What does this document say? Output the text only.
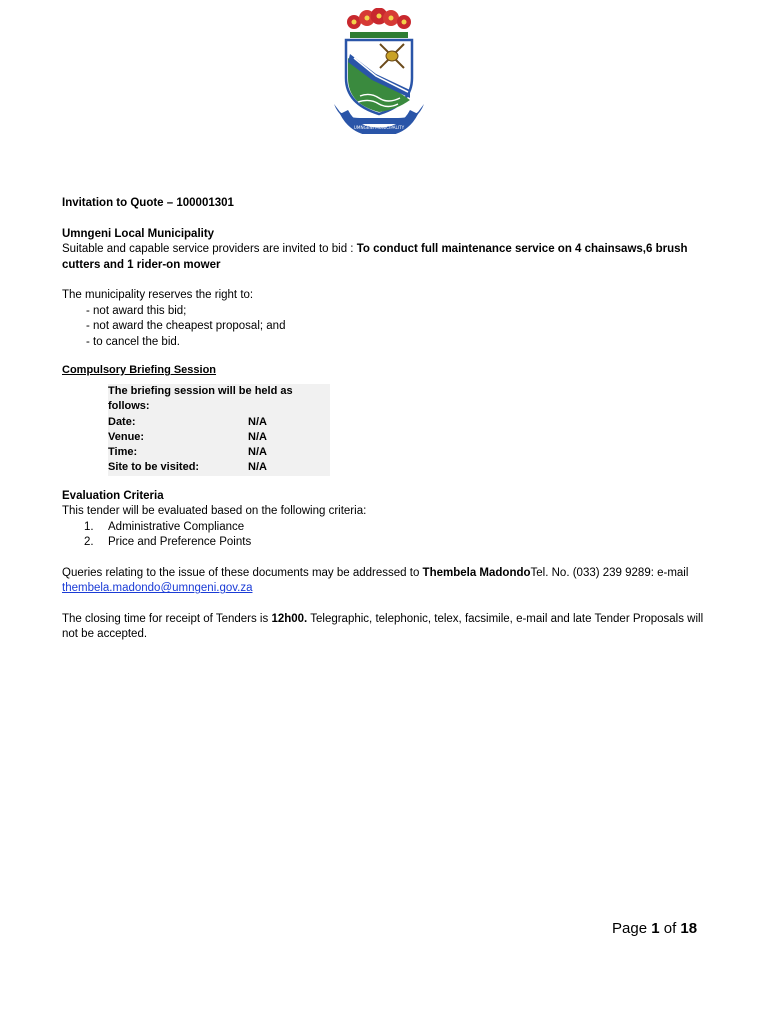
UMNGENI MUNICIPALITY
Invitation to Quote – 100001301
Umngeni Local Municipality
Suitable and capable service providers are invited to bid : To conduct full maintenance service on 4 chainsaws,6 brush cutters and 1 rider-on mower
The municipality reserves the right to:
- not award this bid;
- not award the cheapest proposal; and
- to cancel the bid.
Compulsory Briefing Session
The briefing session will be held as follows:
Date:	N/A
Venue:	N/A
Time:	N/A
Site to be visited:	N/A
Evaluation Criteria
This tender will be evaluated based on the following criteria:
1.	Administrative Compliance
2.	Price and Preference Points
Queries relating to the issue of these documents may be addressed to Thembela MadondoTel. No. (033) 239 9289: e-mail thembela.madondo@umngeni.gov.za
The closing time for receipt of Tenders is 12h00. Telegraphic, telephonic, telex, facsimile, e-mail and late Tender Proposals will not be accepted.
Page 1 of 18
